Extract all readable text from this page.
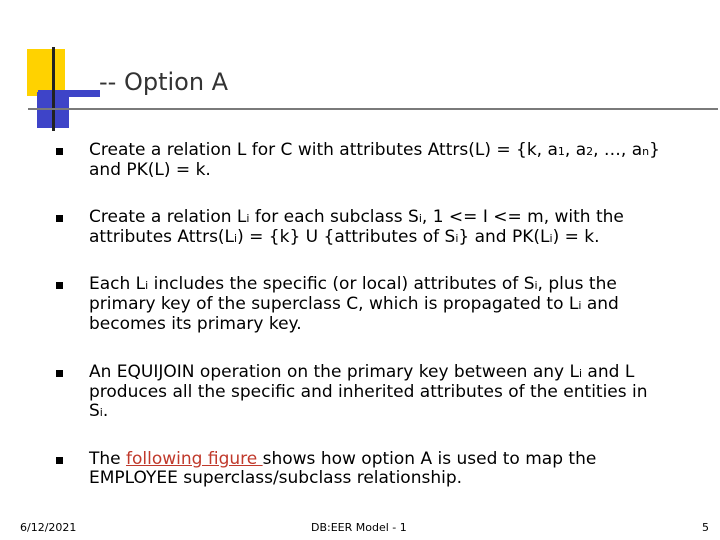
-- Option A
Create a relation L for C with attributes Attrs(L) = {k, a1, a2, …, an}
and PK(L) = k.
Create a relation Li for each subclass Si, 1 <= I <= m, with the
attributes Attrs(Li) = {k} U {attributes of Si} and PK(Li) = k.
Each Li includes the specific (or local) attributes of Si, plus the
primary key of the superclass C, which is propagated to Li and
becomes its primary key.
An EQUIJOIN operation on the primary key between any Li and L
produces all the specific and inherited attributes of the entities in
Si.
The following figure shows how option A is used to map the
EMPLOYEE superclass/subclass relationship.
6/12/2021	DB:EER Model - 1	5
